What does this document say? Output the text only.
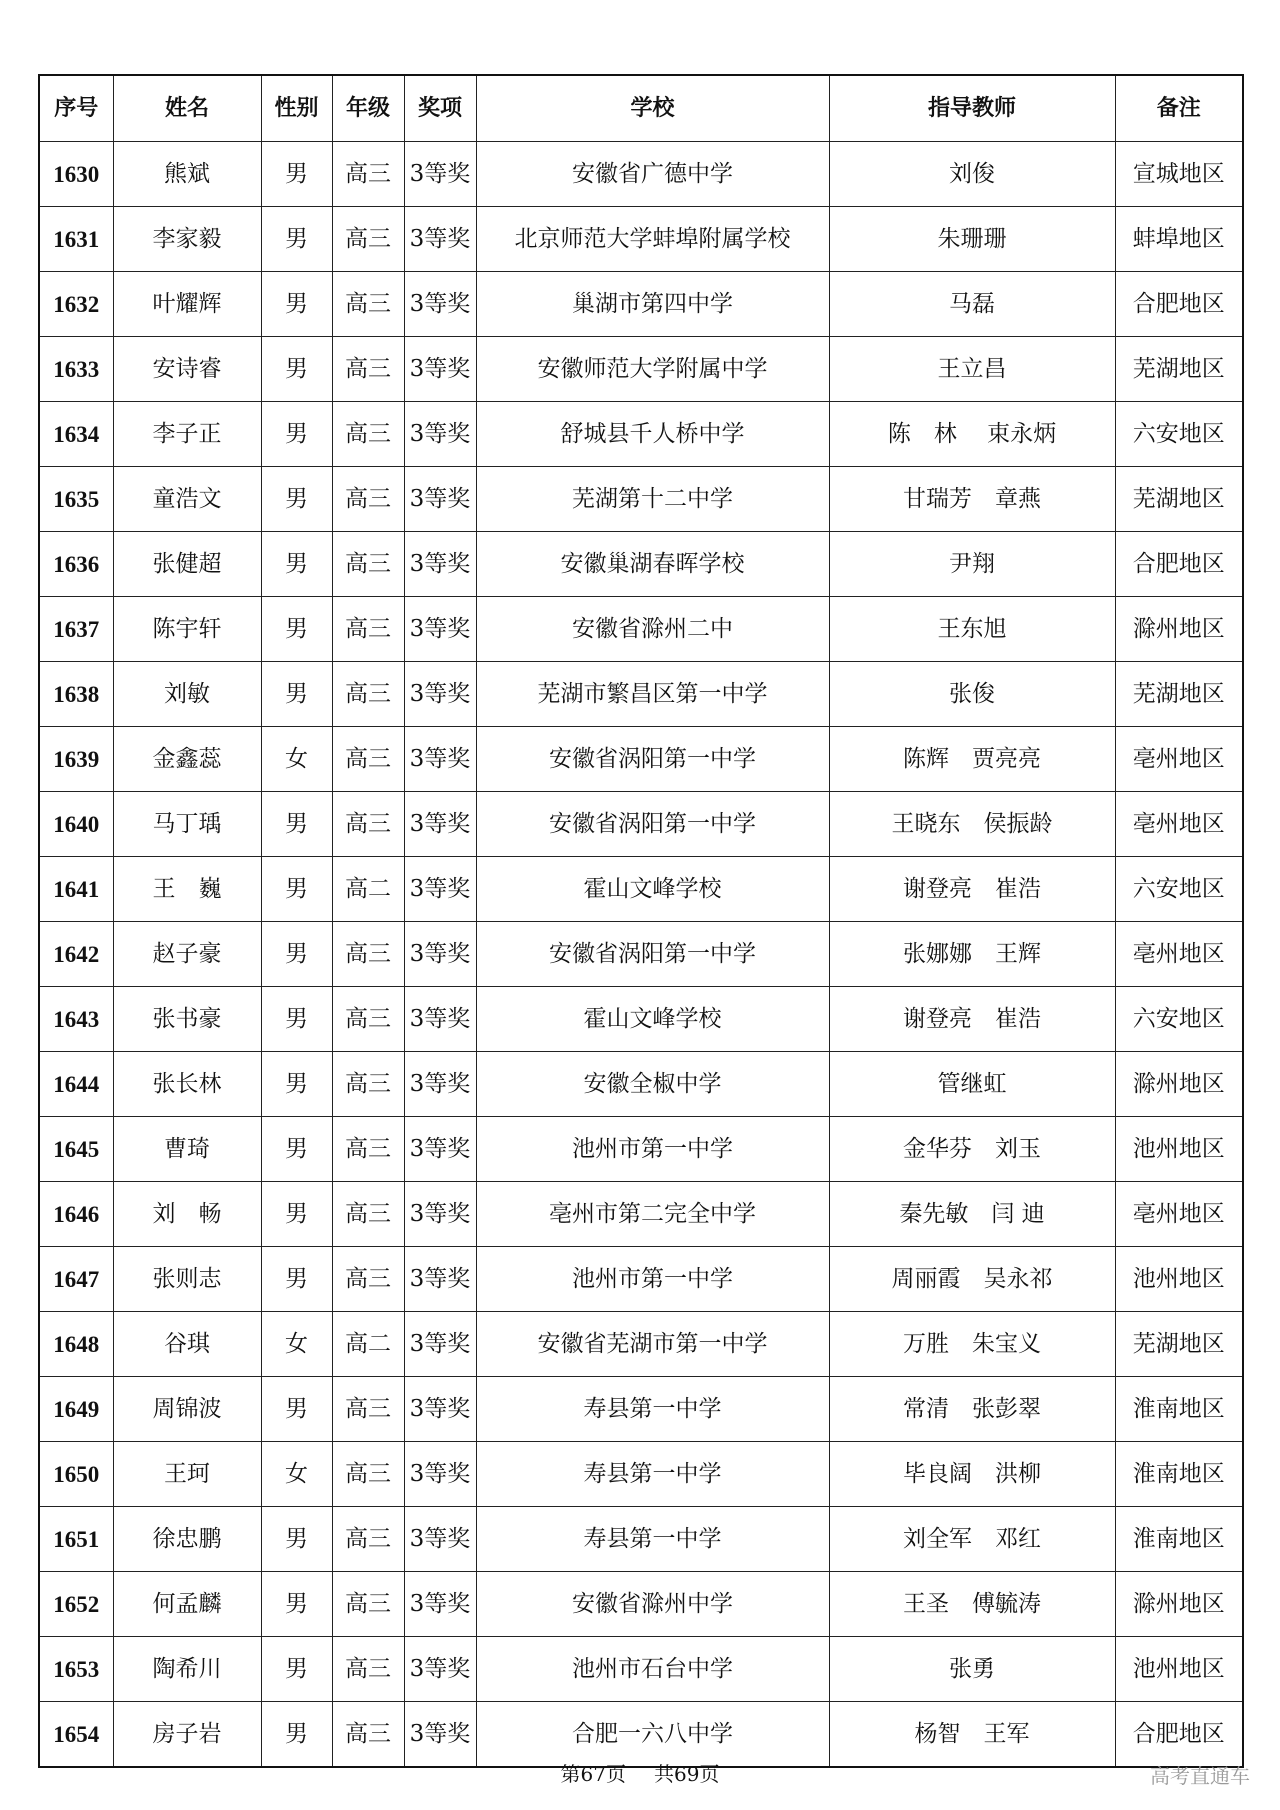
序号	姓名	性别	年级	奖项	学校	指导教师	备注
1630	熊斌	男	高三	3等奖	安徽省广德中学	刘俊	宣城地区
1631	李家毅	男	高三	3等奖	北京师范大学蚌埠附属学校	朱珊珊	蚌埠地区
1632	叶耀辉	男	高三	3等奖	巢湖市第四中学	马磊	合肥地区
1633	安诗睿	男	高三	3等奖	安徽师范大学附属中学	王立昌	芜湖地区
1634	李子正	男	高三	3等奖	舒城县千人桥中学	陈　林　 束永炳	六安地区
1635	童浩文	男	高三	3等奖	芜湖第十二中学	甘瑞芳　章燕	芜湖地区
1636	张健超	男	高三	3等奖	安徽巢湖春晖学校	尹翔	合肥地区
1637	陈宇轩	男	高三	3等奖	安徽省滁州二中	王东旭	滁州地区
1638	刘敏	男	高三	3等奖	芜湖市繁昌区第一中学	张俊	芜湖地区
1639	金鑫蕊	女	高三	3等奖	安徽省涡阳第一中学	陈辉　贾亮亮	亳州地区
1640	马丁瑀	男	高三	3等奖	安徽省涡阳第一中学	王晓东　侯振龄	亳州地区
1641	王　巍	男	高二	3等奖	霍山文峰学校	谢登亮　崔浩	六安地区
1642	赵子豪	男	高三	3等奖	安徽省涡阳第一中学	张娜娜　王辉	亳州地区
1643	张书豪	男	高三	3等奖	霍山文峰学校	谢登亮　崔浩	六安地区
1644	张长林	男	高三	3等奖	安徽全椒中学	管继虹	滁州地区
1645	曹琦	男	高三	3等奖	池州市第一中学	金华芬　刘玉	池州地区
1646	刘　畅	男	高三	3等奖	亳州市第二完全中学	秦先敏　闫 迪	亳州地区
1647	张则志	男	高三	3等奖	池州市第一中学	周丽霞　吴永祁	池州地区
1648	谷琪	女	高二	3等奖	安徽省芜湖市第一中学	万胜　朱宝义	芜湖地区
1649	周锦波	男	高三	3等奖	寿县第一中学	常清　张彭翠	淮南地区
1650	王珂	女	高三	3等奖	寿县第一中学	毕良阔　洪柳	淮南地区
1651	徐忠鹏	男	高三	3等奖	寿县第一中学	刘全军　邓红	淮南地区
1652	何孟麟	男	高三	3等奖	安徽省滁州中学	王圣　傅毓涛	滁州地区
1653	陶希川	男	高三	3等奖	池州市石台中学	张勇	池州地区
1654	房子岩	男	高三	3等奖	合肥一六八中学	杨智　王军	合肥地区
第67页 共69页	高考直通车
